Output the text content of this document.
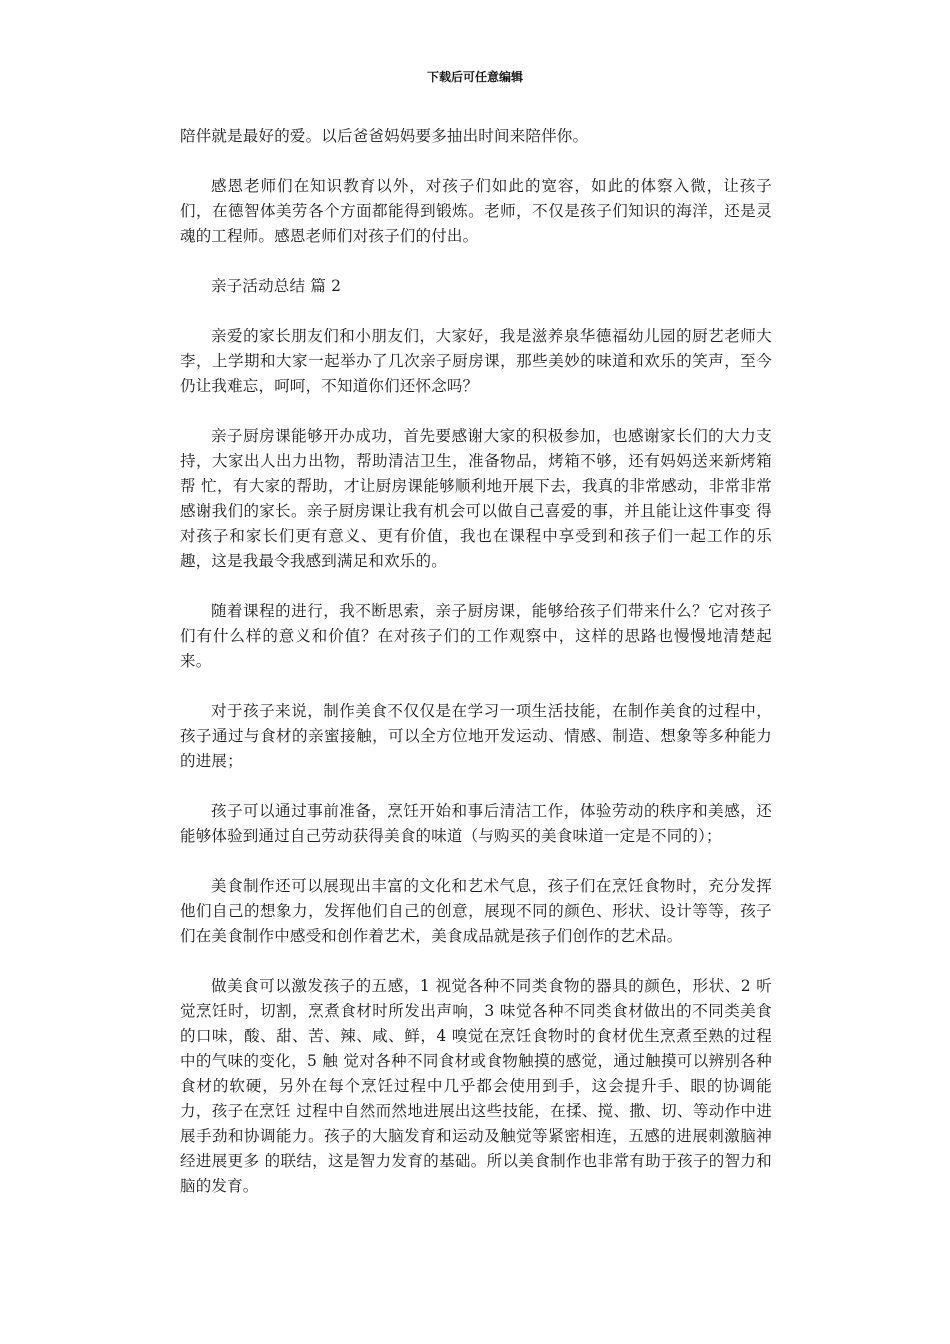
下载后可任意编辑

陪伴就是最好的爱。以后爸爸妈妈要多抽出时间来陪伴你。

感恩老师们在知识教育以外，对孩子们如此的宽容，如此的体察入微，让孩子们，在德智体美劳各个方面都能得到锻炼。老师，不仅是孩子们知识的海洋，还是灵魂的工程师。感恩老师们对孩子们的付出。

亲子活动总结 篇 2

亲爱的家长朋友们和小朋友们，大家好，我是滋养泉华德福幼儿园的厨艺老师大李，上学期和大家一起举办了几次亲子厨房课，那些美妙的味道和欢乐的笑声，至今仍让我难忘，呵呵，不知道你们还怀念吗？

亲子厨房课能够开办成功，首先要感谢大家的积极参加，也感谢家长们的大力支持，大家出人出力出物，帮助清洁卫生，准备物品，烤箱不够，还有妈妈送来新烤箱帮 忙，有大家的帮助，才让厨房课能够顺利地开展下去，我真的非常感动，非常非常感谢我们的家长。亲子厨房课让我有机会可以做自己喜爱的事，并且能让这件事变 得对孩子和家长们更有意义、更有价值，我也在课程中享受到和孩子们一起工作的乐趣，这是我最令我感到满足和欢乐的。

随着课程的进行，我不断思索，亲子厨房课，能够给孩子们带来什么？它对孩子们有什么样的意义和价值？在对孩子们的工作观察中，这样的思路也慢慢地清楚起来。

对于孩子来说，制作美食不仅仅是在学习一项生活技能，在制作美食的过程中，孩子通过与食材的亲蜜接触，可以全方位地开发运动、情感、制造、想象等多种能力 的进展；

孩子可以通过事前准备，烹饪开始和事后清洁工作，体验劳动的秩序和美感，还能够体验到通过自己劳动获得美食的味道（与购买的美食味道一定是不同的）；

美食制作还可以展现出丰富的文化和艺术气息，孩子们在烹饪食物时，充分发挥他们自己的想象力，发挥他们自己的创意，展现不同的颜色、形状、设计等等，孩子们在美食制作中感受和创作着艺术，美食成品就是孩子们创作的艺术品。

做美食可以激发孩子的五感，1 视觉各种不同类食物的器具的颜色，形状、2 听觉烹饪时，切割，烹煮食材时所发出声响，3 味觉各种不同类食材做出的不同类美食的口味，酸、甜、苦、辣、咸、鲜，4 嗅觉在烹饪食物时的食材优生烹煮至熟的过程中的气味的变化，5 触 觉对各种不同食材或食物触摸的感觉，通过触摸可以辨别各种食材的软硬，另外在每个烹饪过程中几乎都会使用到手，这会提升手、眼的协调能力，孩子在烹饪 过程中自然而然地进展出这些技能，在揉、搅、撒、切、等动作中进展手劲和协调能力。孩子的大脑发育和运动及触觉等紧密相连，五感的进展刺激脑神经进展更多 的联结，这是智力发育的基础。所以美食制作也非常有助于孩子的智力和脑的发育。
